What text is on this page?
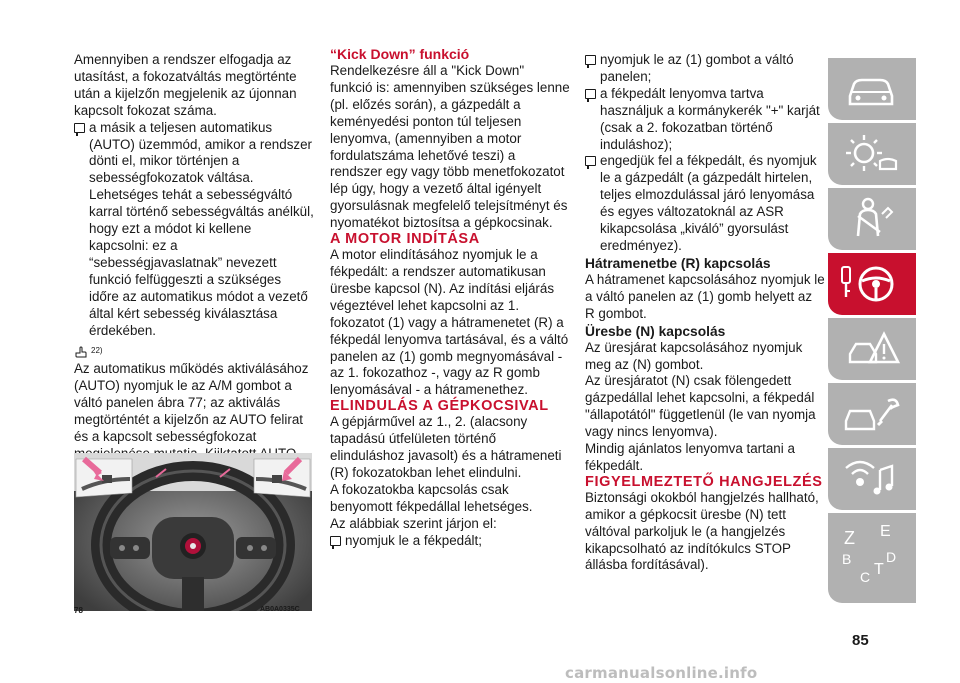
Amennyiben a rendszer elfogadja az utasítást, a fokozatváltás megtörténte után a kijelzőn megjelenik az újonnan kapcsolt fokozat száma.

a másik a teljesen automatikus (AUTO) üzemmód, amikor a rendszer dönti el, mikor történjen a sebességfokozatok váltása. Lehetséges tehát a sebességváltó karral történő sebességváltás anélkül, hogy ezt a módot ki kellene kapcsolni: ez a “sebességjavaslatnak” nevezett funkció felfüggeszti a szükséges időre az automatikus módot a vezető által kért sebesség kiválasztása érdekében.

22)

Az automatikus működés aktiválásához (AUTO) nyomjuk le az A/M gombot a váltó panelen ábra 77; az aktiválás megtörténtét a kijelzőn az AUTO felirat és a kapcsolt sebességfokozat

78	AB0A0335C

“Kick Down” funkció

Rendelkezésre áll a "Kick Down" funkció is: amennyiben szükséges lenne (pl. előzés során), a gázpedált a keményedési ponton túl teljesen lenyomva, (amennyiben a motor fordulatszáma lehetővé teszi) a rendszer egy vagy több menetfokozatot lép úgy, hogy a vezető által igényelt gyorsulásnak megfelelő telejsítményt és nyomatékot biztosítsa a gépkocsinak.

A MOTOR INDÍTÁSA

A motor elindításához nyomjuk le a fékpedált: a rendszer automatikusan üresbe kapcsol (N). Az indítási eljárás végeztével lehet kapcsolni az 1. fokozatot (1) vagy a hátramenetet (R) a fékpedál lenyomva tartásával, és a váltó panelen az (1) gomb megnyomásával - az 1. fokozathoz -, vagy az R gomb lenyomásával - a hátramenethez.

ELINDULÁS A GÉPKOCSIVAL

A gépjárművel az 1., 2. (alacsony tapadású útfelületen történő elinduláshoz javasolt) és a hátrameneti (R) fokozatokban lehet elindulni.

A fokozatokba kapcsolás csak benyomott fékpedállal lehetséges.

Az alábbiak szerint járjon el:

nyomjuk le a fékpedált;

nyomjuk le az (1) gombot a váltó panelen;

a fékpedált lenyomva tartva használjuk a kormánykerék "+" karját (csak a 2. fokozatban történő induláshoz);

engedjük fel a fékpedált, és nyomjuk le a gázpedált (a gázpedált hirtelen, teljes elmozdulással járó lenyomása és egyes változatoknál az ASR kikapcsolása „kiváló” gyorsulást eredményez).

Hátramenetbe (R) kapcsolás

A hátramenet kapcsolásához nyomjuk le a váltó panelen az (1) gomb helyett az R gombot.

Üresbe (N) kapcsolás

Az üresjárat kapcsolásához nyomjuk meg az (N) gombot.

Az üresjáratot (N) csak fölengedett gázpedállal lehet kapcsolni, a fékpedál "állapotától" függetlenül (le van nyomja vagy nincs lenyomva).

Mindig ajánlatos lenyomva tartani a fékpedált.

FIGYELMEZTETŐ HANGJELZÉS

Biztonsági okokból hangjelzés hallható, amikor a gépkocsit üresbe (N) tett váltóval parkoljuk le (a hangjelzés kikapcsolható az indítókulcs STOP állásba fordításával).

85
Z E
B
C T
D
carmanualsonline.info
